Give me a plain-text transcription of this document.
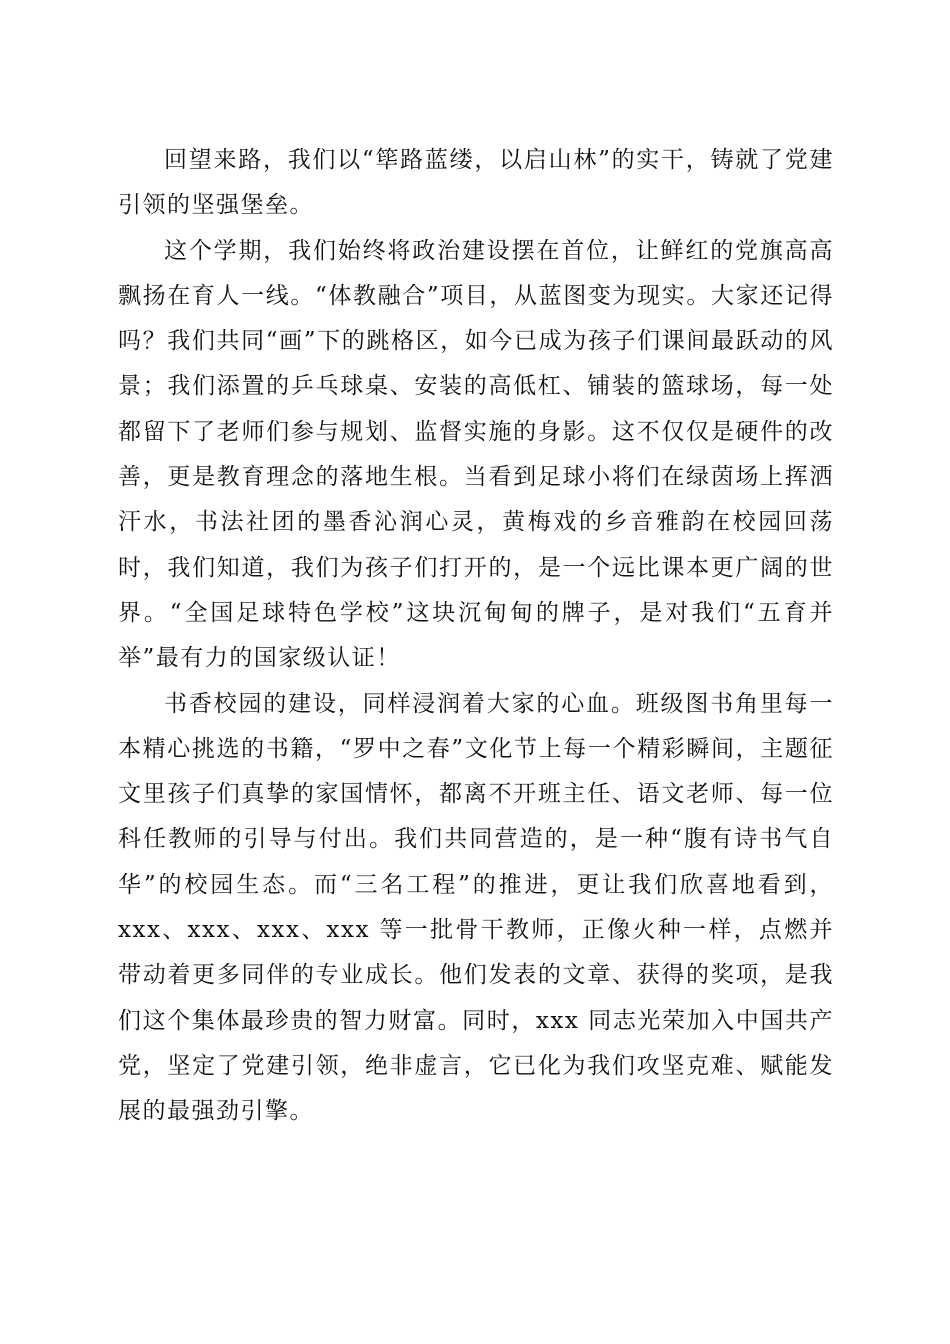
回望来路，我们以“筚路蓝缕，以启山林”的实干，铸就了党建引领的坚强堡垒。

这个学期，我们始终将政治建设摆在首位，让鲜红的党旗高高飘扬在育人一线。“体教融合”项目，从蓝图变为现实。大家还记得吗？我们共同“画”下的跳格区，如今已成为孩子们课间最跃动的风景；我们添置的乒乓球桌、安装的高低杠、铺装的篮球场，每一处都留下了老师们参与规划、监督实施的身影。这不仅仅是硬件的改善，更是教育理念的落地生根。当看到足球小将们在绿茵场上挥洒汗水，书法社团的墨香沁润心灵，黄梅戏的乡音雅韵在校园回荡时，我们知道，我们为孩子们打开的，是一个远比课本更广阔的世界。“全国足球特色学校”这块沉甸甸的牌子，是对我们“五育并举”最有力的国家级认证！

书香校园的建设，同样浸润着大家的心血。班级图书角里每一本精心挑选的书籍，“罗中之春”文化节上每一个精彩瞬间，主题征文里孩子们真挚的家国情怀，都离不开班主任、语文老师、每一位科任教师的引导与付出。我们共同营造的，是一种“腹有诗书气自华”的校园生态。而“三名工程”的推进，更让我们欣喜地看到，xxx、xxx、xxx、xxx 等一批骨干教师，正像火种一样，点燃并带动着更多同伴的专业成长。他们发表的文章、获得的奖项，是我们这个集体最珍贵的智力财富。同时，xxx 同志光荣加入中国共产党，坚定了党建引领，绝非虚言，它已化为我们攻坚克难、赋能发展的最强劲引擎。
